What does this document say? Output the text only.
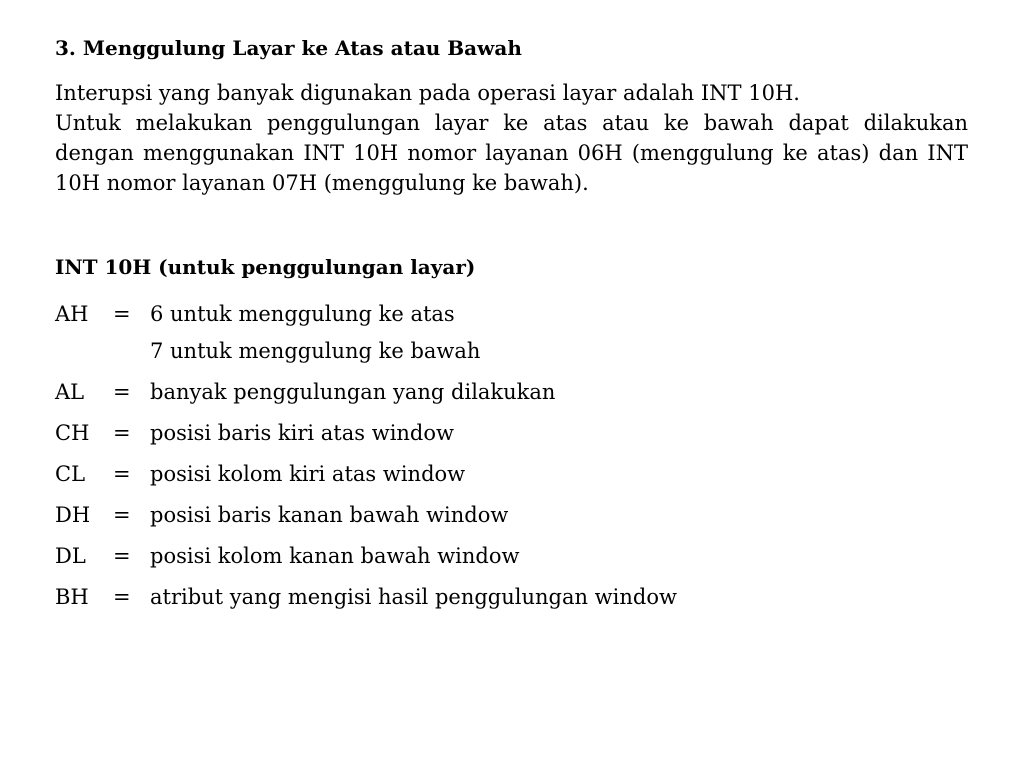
3. Menggulung Layar ke Atas atau Bawah

Interupsi yang banyak digunakan pada operasi layar adalah INT 10H.

Untuk melakukan penggulungan layar ke atas atau ke bawah dapat dilakukan dengan menggunakan INT 10H nomor layanan 06H (menggulung ke atas) dan INT 10H nomor layanan 07H (menggulung ke bawah).

INT 10H (untuk penggulungan layar)
AH	= 6 untuk menggulung ke atas
7 untuk menggulung ke bawah
AL	= banyak penggulungan yang dilakukan
CH	= posisi baris kiri atas window
CL	= posisi kolom kiri atas window
DH	= posisi baris kanan bawah window
DL	= posisi kolom kanan bawah window
BH	= atribut yang mengisi hasil penggulungan window
